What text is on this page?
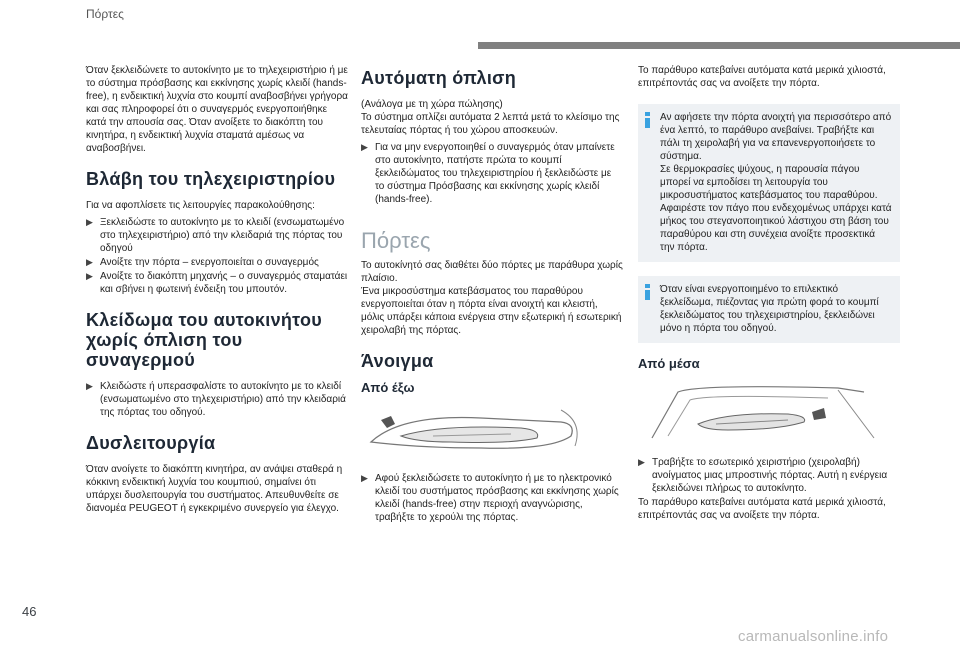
Πόρτες

Όταν ξεκλειδώνετε το αυτοκίνητο με το τηλεχειριστήριο ή με το σύστημα πρόσβασης και εκκίνησης χωρίς κλειδί (hands-free), η ενδεικτική λυχνία στο κουμπί αναβοσβήνει γρήγορα και σας πληροφορεί ότι ο συναγερμός ενεργοποιήθηκε κατά την απουσία σας. Όταν ανοίξετε το διακόπτη του κινητήρα, η ενδεικτική λυχνία σταματά αμέσως να αναβοσβήνει.

Βλάβη του τηλεχειριστηρίου

Για να αφοπλίσετε τις λειτουργίες παρακολούθησης:

▶ Ξεκλειδώστε το αυτοκίνητο με το κλειδί (ενσωματωμένο στο τηλεχειριστήριο) από την κλειδαριά της πόρτας του οδηγού
▶ Ανοίξτε την πόρτα – ενεργοποιείται ο συναγερμός
▶ Ανοίξτε το διακόπτη μηχανής – ο συναγερμός σταματάει και σβήνει η φωτεινή ένδειξη του μπουτόν.
Κλείδωμα του αυτοκινήτου χωρίς όπλιση του συναγερμού
▶ Κλειδώστε ή υπερασφαλίστε το αυτοκίνητο με το κλειδί (ενσωματωμένο στο τηλεχειριστήριο) από την κλειδαριά της πόρτας του οδηγού.
Δυσλειτουργία

Όταν ανοίγετε το διακόπτη κινητήρα, αν ανάψει σταθερά η κόκκινη ενδεικτική λυχνία του κουμπιού, σημαίνει ότι υπάρχει δυσλειτουργία του συστήματος. Απευθυνθείτε σε διανομέα PEUGEOT ή εγκεκριμένο συνεργείο για έλεγχο.

Αυτόματη όπλιση

(Ανάλογα με τη χώρα πώλησης)
Το σύστημα οπλίζει αυτόματα 2 λεπτά μετά το κλείσιμο της τελευταίας πόρτας ή του χώρου αποσκευών.

▶ Για να μην ενεργοποιηθεί ο συναγερμός όταν μπαίνετε στο αυτοκίνητο, πατήστε πρώτα το κουμπί ξεκλειδώματος του τηλεχειριστηρίου ή ξεκλειδώστε με το σύστημα Πρόσβασης και εκκίνησης χωρίς κλειδί (hands-free).
Πόρτες

Το αυτοκίνητό σας διαθέτει δύο πόρτες με παράθυρα χωρίς πλαίσιο.
Ένα μικροσύστημα κατεβάσματος του παραθύρου ενεργοποιείται όταν η πόρτα είναι ανοιχτή και κλειστή, μόλις υπάρξει κάποια ενέργεια στην εξωτερική ή εσωτερική χειρολαβή της πόρτας.

Άνοιγμα
Από έξω
▶ Αφού ξεκλειδώσετε το αυτοκίνητο ή με το ηλεκτρονικό κλειδί του συστήματος πρόσβασης και εκκίνησης χωρίς κλειδί (hands-free) στην περιοχή αναγνώρισης, τραβήξτε το χερούλι της πόρτας.

Το παράθυρο κατεβαίνει αυτόματα κατά μερικά χιλιοστά, επιτρέποντάς σας να ανοίξετε την πόρτα.

Αν αφήσετε την πόρτα ανοιχτή για περισσότερο από ένα λεπτό, το παράθυρο ανεβαίνει. Τραβήξτε και πάλι τη χειρολαβή για να επανενεργοποιήσετε το σύστημα.
Σε θερμοκρασίες ψύχους, η παρουσία πάγου μπορεί να εμποδίσει τη λειτουργία του μικροσυστήματος κατεβάσματος του παραθύρου. Αφαιρέστε τον πάγο που ενδεχομένως υπάρχει κατά μήκος του στεγανοποιητικού λάστιχου στη βάση του παραθύρου και στη συνέχεια ανοίξτε προσεκτικά την πόρτα.
Όταν είναι ενεργοποιημένο το επιλεκτικό ξεκλείδωμα, πιέζοντας για πρώτη φορά το κουμπί ξεκλειδώματος του τηλεχειριστηρίου, ξεκλειδώνει μόνο η πόρτα του οδηγού.
Από μέσα
▶ Τραβήξτε το εσωτερικό χειριστήριο (χειρολαβή) ανοίγματος μιας μπροστινής πόρτας. Αυτή η ενέργεια ξεκλειδώνει πλήρως το αυτοκίνητο.

Το παράθυρο κατεβαίνει αυτόματα κατά μερικά χιλιοστά, επιτρέποντάς σας να ανοίξετε την πόρτα.

46
carmanualsonline.info
